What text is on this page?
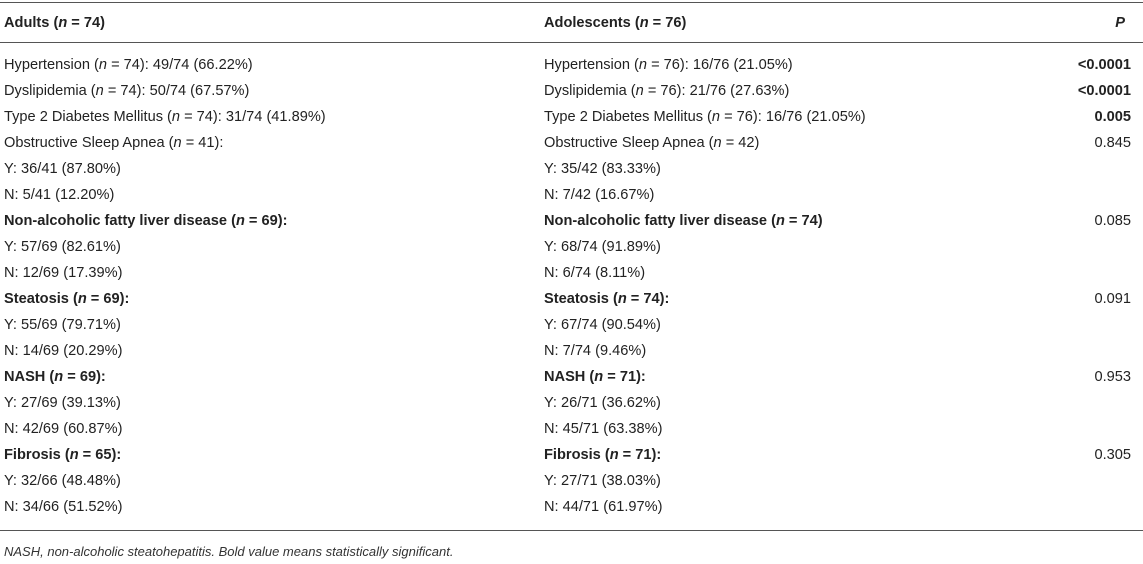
Adults (n = 74)	Adolescents (n = 76)	P
Hypertension (n = 74): 49/74 (66.22%)	Hypertension (n = 76): 16/76 (21.05%)	<0.0001
Dyslipidemia (n = 74): 50/74 (67.57%)	Dyslipidemia (n = 76): 21/76 (27.63%)	<0.0001
Type 2 Diabetes Mellitus (n = 74): 31/74 (41.89%)	Type 2 Diabetes Mellitus (n = 76): 16/76 (21.05%)	0.005
Obstructive Sleep Apnea (n = 41):	Obstructive Sleep Apnea (n = 42)	0.845
Y: 36/41 (87.80%)	Y: 35/42 (83.33%)	
N: 5/41 (12.20%)	N: 7/42 (16.67%)	
Non-alcoholic fatty liver disease (n = 69):	Non-alcoholic fatty liver disease (n = 74)	0.085
Y: 57/69 (82.61%)	Y: 68/74 (91.89%)	
N: 12/69 (17.39%)	N: 6/74 (8.11%)	
Steatosis (n = 69):	Steatosis (n = 74):	0.091
Y: 55/69 (79.71%)	Y: 67/74 (90.54%)	
N: 14/69 (20.29%)	N: 7/74 (9.46%)	
NASH (n = 69):	NASH (n = 71):	0.953
Y: 27/69 (39.13%)	Y: 26/71 (36.62%)	
N: 42/69 (60.87%)	N: 45/71 (63.38%)	
Fibrosis (n = 65):	Fibrosis (n = 71):	0.305
Y: 32/66 (48.48%)	Y: 27/71 (38.03%)	
N: 34/66 (51.52%)	N: 44/71 (61.97%)	
NASH, non-alcoholic steatohepatitis. Bold value means statistically significant.
